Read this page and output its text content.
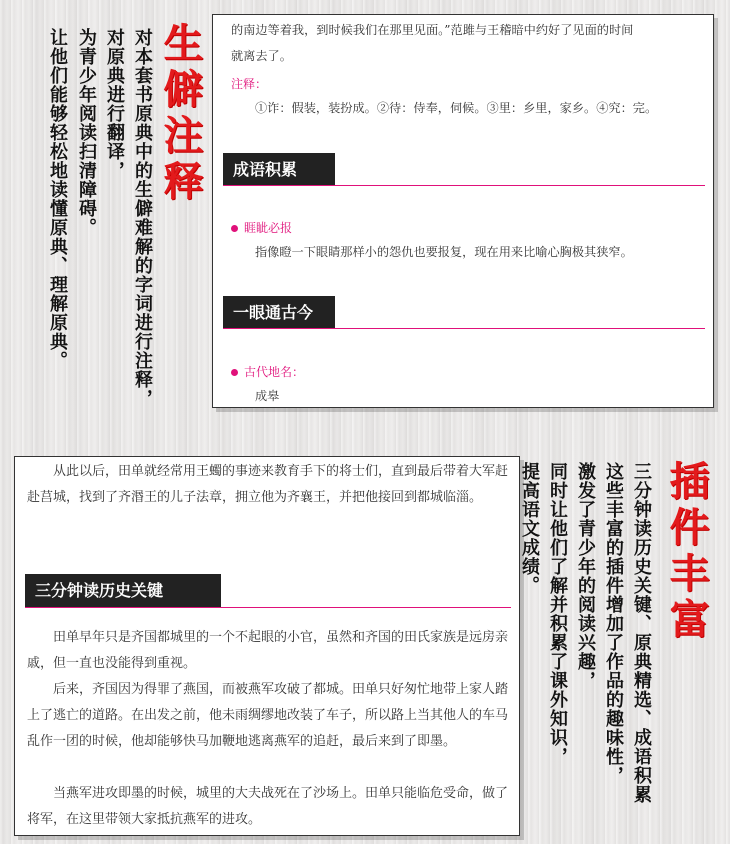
对本套书原典中的生僻难解的字词进行注释，
对原典进行翻译，
为青少年阅读扫清障碍。
让他们能够轻松地读懂原典、理解原典。 生僻注释 的南边等着我，到时候我们在那里见面。”范雎与王稽暗中约好了见面的时间
就离去了。
注释：
①诈：假装，装扮成。②待：侍奉，伺候。③里：乡里，家乡。④究：完。
成语积累
睚眦必报
指像瞪一下眼睛那样小的怨仇也要报复，现在用来比喻心胸极其狭窄。
一眼通古今
古代地名：
成皋

从此以后，田单就经常用王蠋的事迹来教育手下的将士们，直到最后带着大军赶赴莒城，找到了齐湣王的儿子法章，拥立他为齐襄王，并把他接回到都城临淄。

三分钟读历史关键

田单早年只是齐国都城里的一个不起眼的小官，虽然和齐国的田氏家族是远房亲戚，但一直也没能得到重视。

后来，齐国因为得罪了燕国，而被燕军攻破了都城。田单只好匆忙地带上家人踏上了逃亡的道路。在出发之前，他未雨绸缪地改装了车子，所以路上当其他人的车马乱作一团的时候，他却能够快马加鞭地逃离燕军的追赶，最后来到了即墨。

当燕军进攻即墨的时候，城里的大夫战死在了沙场上。田单只能临危受命，做了将军，在这里带领大家抵抗燕军的进攻。

插件丰富
三分钟读历史关键、原典精选、成语积累
这些丰富的插件增加了作品的趣味性，
激发了青少年的阅读兴趣，
同时让他们了解并积累了课外知识，
提高语文成绩。
